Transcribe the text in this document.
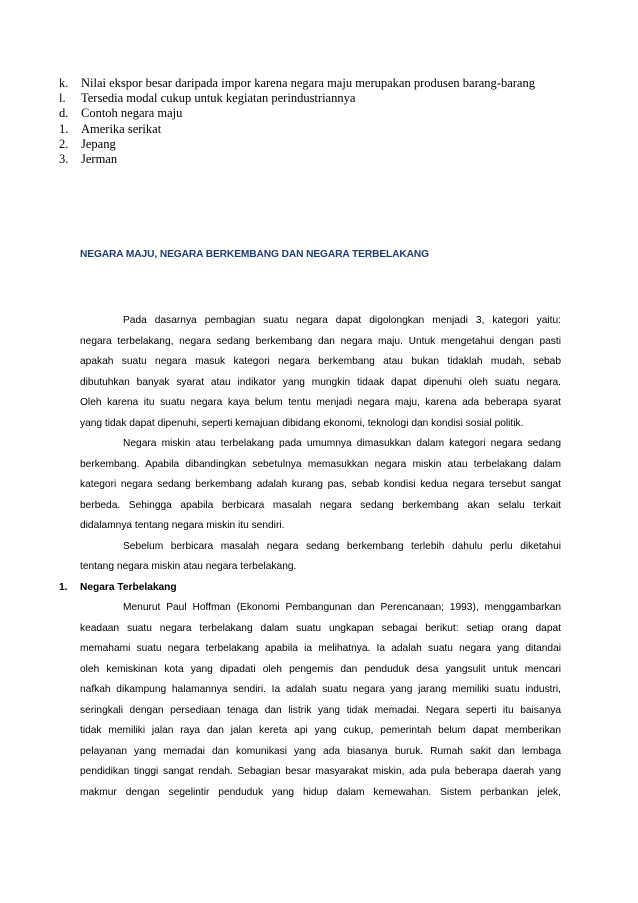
k.	Nilai ekspor besar daripada impor karena negara maju merupakan produsen barang-barang
l.	Tersedia modal cukup untuk kegiatan perindustriannya
d.	Contoh negara maju
1.	Amerika serikat
2.	Jepang
3.	Jerman
NEGARA MAJU, NEGARA BERKEMBANG DAN NEGARA TERBELAKANG
Pada dasarnya pembagian suatu negara dapat digolongkan menjadi 3, kategori yaitu:
negara terbelakang, negara sedang berkembang dan negara maju. Untuk mengetahui dengan pasti
apakah suatu negara masuk kategori negara berkembang atau bukan tidaklah mudah, sebab
dibutuhkan banyak syarat atau indikator yang mungkin tidaak dapat dipenuhi oleh suatu negara.
Oleh karena itu suatu negara kaya belum tentu menjadi negara maju, karena ada beberapa syarat
yang tidak dapat dipenuhi, seperti kemajuan dibidang ekonomi, teknologi dan kondisi sosial politik.
Negara miskin atau terbelakang pada umumnya dimasukkan dalam kategori negara sedang
berkembang. Apabila dibandingkan sebetulnya memasukkan negara miskin atau terbelakang dalam
kategori negara sedang berkembang adalah kurang pas, sebab kondisi kedua negara tersebut sangat
berbeda. Sehingga apabila berbicara masalah negara sedang berkembang akan selalu terkait
didalamnya tentang negara miskin itu sendiri.
Sebelum berbicara masalah negara sedang berkembang terlebih dahulu perlu diketahui
tentang negara miskin atau negara terbelakang.
1. Negara Terbelakang
Menurut Paul Hoffman (Ekonomi Pembangunan dan Perencanaan; 1993), menggambarkan
keadaan suatu negara terbelakang dalam suatu ungkapan sebagai berikut: setiap orang dapat
memahami suatu negara terbelakang apabila ia melihatnya. Ia adalah suatu negara yang ditandai
oleh kemiskinan kota yang dipadati oleh pengemis dan penduduk desa yangsulit untuk mencari
nafkah dikampung halamannya sendiri. Ia adalah suatu negara yang jarang memiliki suatu industri,
seringkali dengan persediaan tenaga dan listrik yang tidak memadai. Negara seperti itu baisanya
tidak memiliki jalan raya dan jalan kereta api yang cukup, pemerintah belum dapat memberikan
pelayanan yang memadai dan komunikasi yang ada biasanya buruk. Rumah sakit dan lembaga
pendidikan tinggi sangat rendah. Sebagian besar masyarakat miskin, ada pula beberapa daerah yang
makmur dengan segelintir penduduk yang hidup dalam kemewahan. Sistem perbankan jelek,
